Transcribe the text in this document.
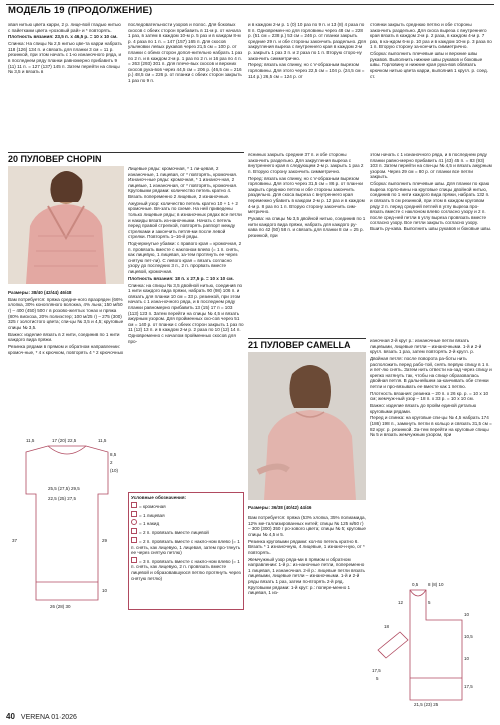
МОДЕЛЬ 19 (ПРОДОЛЖЕНИЕ)

хвая нитью цвета карри, 2 р. лице-вой гладью нитью с пайетками цвета «розовый рай» и * повторять.

Плотность вязания: 23,5 п. х 46,5 р. = 10 х 10 см.

Спинка: На спицы № 2,5 нитью цве-та карри набрать 118 (126) 134 п. и связать для планки 3 см = 11 р. резинкой, при этом начать с 1-ю изнаночного ряда, и в последнем ряду планки равномерно прибавить 9 (11) 11 п. = 127 (137) 145 п. Затем перейти на спицы № 3,5 и вязать в

последовательности узоров и полос. Для боковых скосов с обеих сторон прибавить в 11-м р. от начала 1 раз, в затем в каждом 10-м р. 5 раз и в каждом 8-м р. 4 раза по 1 п. = 147 (157) 165 п. Для скосов ульяновки левых рукавов через 21,5 см = 100 р. от планки с обеих сторон допол-нительно набрать 1 раз по 2 п. и в каждом 2-м р. 1 раз по 2 п. и 16 раз по 4 п. = 263 (293) 301 п. Для плече-вых скосов и верхних скосов рука-вов через 44,5 см = 206 р. (46,5 см = 216 р.) 48,5 см = 226 р. от планки с обеих сторон закрыть 1 раз по 9 п.

и в каждом 2-м р. 1 (0) 10 раз по 9 п. и 13 (8) 4 раза по 8 п. Одновремен-но для горловины через 48 см = 228 р. (51 см = 238 р.) 53 см = 246 р. от планки закрыть средние 29 п. и обе стороны закончить раздельно. Для закругления выреза с внутреннего края в каждом 2-м р. закрыть 1 раз 3 п. и 2 раза по 1 п. Вторую сторо-ну закончить симметрично.

Перед: вязать как спинку, но с V-образным вырезом горловины. Для этого через 22,5 см = 104 р. (24,5 см = 114 р.) 26,5 см = 124 р. от

стоянки закрыть среднюю петлю и обе стороны закончить раздельно. Для скоса выреза с внутреннего края вязать в каждом 2-м р. 2 раза, в каждом 4-м р. 7 раз, в ка-ждом 6-м р. 10 раз и в каждом 10-м р. 3 раза по 1 п. Вторую сторону за-кончить симметрично.

Сборка: выполнить плечевые швы и верхние швы рукавов. Выполнить нижние швы рукавов и боковые швы. Горловину и нижние края рука-вов обвязать крючком нитью цвета карри, выполнив 1 кругл. р. соед. ст.

20 ПУЛОВЕР CHOPIN

Размеры: 38/40 (42/44) 46/48

Вам потребуется: пряжа средне-ного вразряден (66% хлопка, 30% конопляного волокна, 4% льна; 150 м/50 г) – 400 (450) 500 г в розово-желтых тонах и пряжа (80% вискоза, 20% полиэстер; 100 м/25 г) – 275 (300) 325 г золотистого цвета; спи-цы № 3,5 и 4,5; круговые спицы № 3,5.

Важно: изделие вязать в 2 нити, соединив по 1 нити каждого вида пряжи.

Резинка рядами в прямом и обратном направлении: кромоч-ные, * 4 к крючком, повторять 4 * 2 крючочных

11,5	17 (20) 22,5	11,5
8,5
2
(10)
25,5 (27,5) 29,5
22,5 (25) 27,5
37	29
10
26 (28) 30

Лицевые ряды: кромочная, * 1 ли-цевая, 2 изнаночные, 1 лицевая, от * повторять, кромочная. Изнаноч-ные ряды: кромочная, * 1 изнаноч-ная, 2 лицевые, 1 изнаночная, от * повторять, кромочная. Круговыми рядами: количество петель кратно 4. Вязать попеременно 2 лицевые, 2 изнаночные.

Ажурный узор: количество петель кратно 10 + 1 + 2 кромочные. Вя-зать по схеме. На ней приведены только лицевые ряды; в изнаночных рядах все петли и накиды вязать из-наночными. Начать с петель перед правой стрелкой, повторять раппорт между стрелками и закончить петля-ми после левой стрелки. Повторять 1–16-й ряды.

Подчеркнутые убавки: с правого края = кромочная, 2 п. провязать вместе с наклоном влево (= 1 п. снять, как лицевую, 1 лицевая, за-тем протянуть ее через снятую пет-ли). С левого края = вязать согласно узору до последних 3 п., 2 п. прорвать вместе лицевой, кромочная.

Плотность вязания: 18 п. х 27,5 р. = 10 х 10 см.

Спинка: на спицы № 3,5 двойной нитью, соединив по 1 нити каждого вида пряжи, набрать 90 (98) 106 п. и связать для планки 10 см = 33 р. резинкой, при этом начать с 1 изна-ночного ряда, и в последнем ряду планки равномерно прибавить 13 (15) 17 п = 103 (113) 123 п. Затем перейти на спицы № 4,5 и вязать ажурным узором. Для пройменных ско-сов через 51 см = 140 р. от планки с обеих сторон закрыть 1 раз по 11 (12) 13 п. и в каждом 2-м р. 2 раза по 10 (12) 14 п. Одновременно с началом пройменных скосов для про-

Условные обозначения:

= кромочная

= 1 лицевая

= 1 накид

= 2 п. провязать вместе лицевой

= 2 п. провязать вместе с накло-ном влево (= 1 п. снять, как лицевую, 1 лицевая, затем про-тянуть ее через снятую петлю)

= 3 п. провязать вместе с накло-ном влево (= 1 п. снять, как лицевую, 2 п. провязать вместе лицевой и образовавшуюся петлю протянуть через снятую петлю)

ясниных закрыть средние 37 п. и обе стороны закончить раздельно. Для закругления выреза с внутреннего края в следующем 2-м р. закрыть 1 раз 2 п. Вторую сторону закончить симметрично.

Перед: вязать как спинку, но с V-образным вырезом горловины. Для этого через 31,5 см = 86 р. от план-ки закрыть среднюю петлю и обе стороны закончить раздельно. Для скоса выреза с внутреннего края перемежно убавить в каждом 2-м р. 12 раз и в каждом 4-м р. 8 раз по 1 п. Вторую сторону закончить сим-метрично.

Рукава: на спицы № 3,5 двойной нитью, соединив по 1 нити каждого вида пряжи, набрать для каждого ру-кава по 42 (50) 58 п. и связать для планки 8 см = 25 р. резинкой, при

этом начать с 1 изнаночного ряда, и в последнем ряду планки равно-мерно прибавить 41 (43) 45 п. = 83 (93) 103 п. Затем перейти на спи-цы № 4,5 и вязать ажурным узором. Через 29 см = 80 р. от планки все петли закрыть.

Сборка: выполнить плечевые швы. Для планки по краю выреза горло-вины на круговые спицы двойной нитью, соединив по 1 нити каждого вида пряжи, набрать 132 п. и связать 5 см резинкой, при этом в каждом круговом ряду 2 п. перед средней петлей в углу выреза про-вязать вместе с наклоном влево согласно узору и 2 п. после сред-ней петли в углу выреза провязать вместе согласно узору. Все петли закрыть согласно узору. Вшить ру-кава. Выполнить швы рукавов и боковые швы.

21 ПУЛОВЕР CAMELLA
Размеры: 36/38 (40/42) 44/46

Вам потребуется: пряжа (53% хлопка, 35% полиамида, 12% ме-таллизированных нитей; спицы № 125 м/50 г) – 300 (300) 350 г ро-зового цвета; спицы № 5; круговые спицы № 4,5 и 5.

Резинка круговыми рядами: кол-во петель кратно 6. Вязать * 1 изнаночную, 4 лицевые, 1 изнаноч-ную, от * повторять.

Жемчужный узор ряда-ми в прямом и обратном направлении: 1-й р.: из-наночные петли, попеременно 1 лицевая, 1 изнаночная. 2-й р.: лицевые петли вязать лицевыми, лицевые петли – изнаночными. 1-й и 2-й ряды вязать 1 раз, затем по-вторять 2-й ряд. Круговыми рядами: 1-й круг: р.: попере-менно 1 лицевая, 1 из-

изночная 2-й круг р.: изнаночные петли вязать лицевыми, лицевые петли – изнаночными. 1-й и 2-й кругл. вязать 1 раз, затем повторять 2-й кругл. р.

Двойная петля: после поворота ра-боты нить расположить перед рабо-той, снять первую спицу в 1 п. и пет-лю снять. Затем нить отвести на-зад через спицу и крепко натянуть так, чтобы на спице образовалась двойная петля. В дальнейшем за-канчивать обе стенки петли и про-вязывать ее вместе как 1 петлю.

Плотность вязания: резинка – 20 п. х 26 кр. р. = 10 х 10 см; жемчуж-ный узор – 18 п. х 33 р. = 10 х 10 см.

Важно: изделие вязать до пройм единой деталью круговыми рядами.

Перед и спинка: на круговые спи-цы № 4,5 набрать 174 (186) 198 п., замкнуть петли в кольцо и связать 31,5 см = 82 круг. р. резинкой. За-тем перейти на круговые спицы № 5 и вязать жемчужным узором, при

0,5 8 (8) 10
12	5
10
10,5
10
17,5
17,5
21,5 (23) 25
18
5
40 VERENA 01·2026
